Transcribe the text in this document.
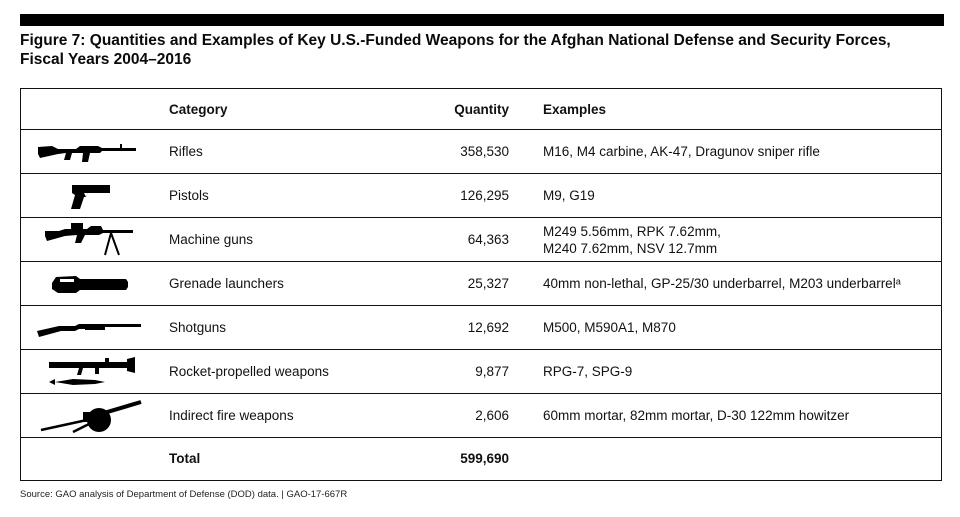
Figure 7: Quantities and Examples of Key U.S.-Funded Weapons for the Afghan National Defense and Security Forces, Fiscal Years 2004–2016
	Category	Quantity	Examples

	Rifles	358,530	M16, M4 carbine, AK-47, Dragunov sniper rifle

	Pistols	126,295	M9, G19

	Machine guns	64,363	M249 5.56mm, RPK 7.62mm,
M240 7.62mm, NSV 12.7mm

	Grenade launchers	25,327	40mm non-lethal, GP-25/30 underbarrel, M203 underbarrelᵃ

	Shotguns	12,692	M500, M590A1, M870

	Rocket-propelled weapons	9,877	RPG-7, SPG-9

	Indirect fire weapons	2,606	60mm mortar, 82mm mortar, D-30 122mm howitzer
	Total	599,690	
Source: GAO analysis of Department of Defense (DOD) data. | GAO-17-667R
